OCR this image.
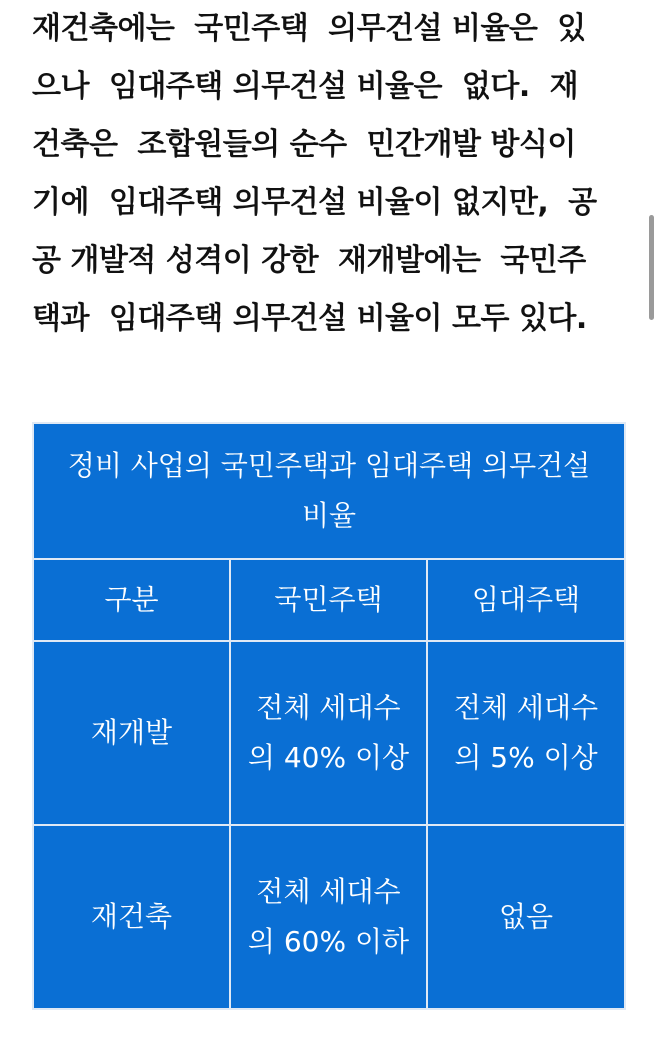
재건축에는  국민주택  의무건설 비율은  있
으나  임대주택 의무건설 비율은  없다.  재
건축은  조합원들의 순수  민간개발 방식이
기에  임대주택 의무건설 비율이 없지만,  공
공 개발적 성격이 강한  재개발에는  국민주
택과  임대주택 의무건설 비율이 모두 있다.
정비 사업의 국민주택과 임대주택 의무건설 비율		
구분	국민주택	임대주택
재개발	전체 세대수의 40% 이상	전체 세대수의 5% 이상
재건축	전체 세대수의 60% 이하	없음
